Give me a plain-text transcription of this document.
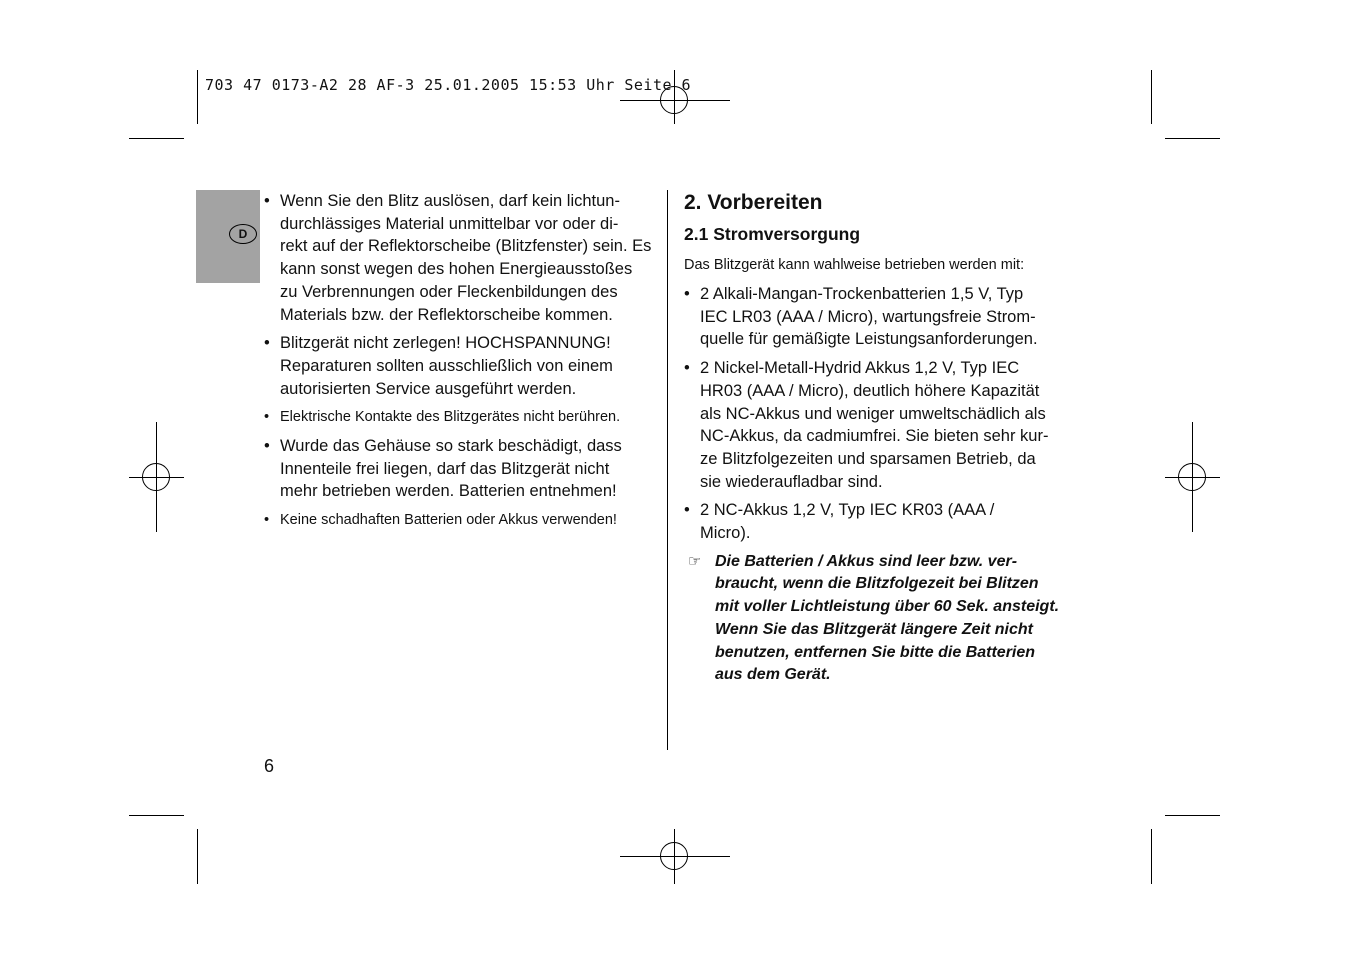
703 47 0173-A2 28 AF-3 25.01.2005 15:53 Uhr Seite 6
D

• Wenn Sie den Blitz auslösen, darf kein lichtun-
durchlässiges Material unmittelbar vor oder di-
rekt auf der Reflektorscheibe (Blitzfenster) sein. Es
kann sonst wegen des hohen Energieausstoßes
zu Verbrennungen oder Fleckenbildungen des
Materials bzw. der Reflektorscheibe kommen.

• Blitzgerät nicht zerlegen! HOCHSPANNUNG!
Reparaturen sollten ausschließlich von einem
autorisierten Service ausgeführt werden.

• Elektrische Kontakte des Blitzgerätes nicht berühren.

• Wurde das Gehäuse so stark beschädigt, dass
Innenteile frei liegen, darf das Blitzgerät nicht
mehr betrieben werden. Batterien entnehmen!

• Keine schadhaften Batterien oder Akkus verwenden!

2. Vorbereiten

2.1 Stromversorgung

Das Blitzgerät kann wahlweise betrieben werden mit:

• 2 Alkali-Mangan-Trockenbatterien 1,5 V, Typ
IEC LR03 (AAA / Micro), wartungsfreie Strom-
quelle für gemäßigte Leistungsanforderungen.

• 2 Nickel-Metall-Hydrid Akkus 1,2 V, Typ IEC
HR03 (AAA / Micro), deutlich höhere Kapazität
als NC-Akkus und weniger umweltschädlich als
NC-Akkus, da cadmiumfrei. Sie bieten sehr kur-
ze Blitzfolgezeiten und sparsamen Betrieb, da
sie wiederaufladbar sind.

• 2 NC-Akkus 1,2 V, Typ IEC KR03 (AAA /
Micro).

☞ Die Batterien / Akkus sind leer bzw. ver-
braucht, wenn die Blitzfolgezeit bei Blitzen
mit voller Lichtleistung über 60 Sek. ansteigt.
Wenn Sie das Blitzgerät längere Zeit nicht
benutzen, entfernen Sie bitte die Batterien
aus dem Gerät.
6
